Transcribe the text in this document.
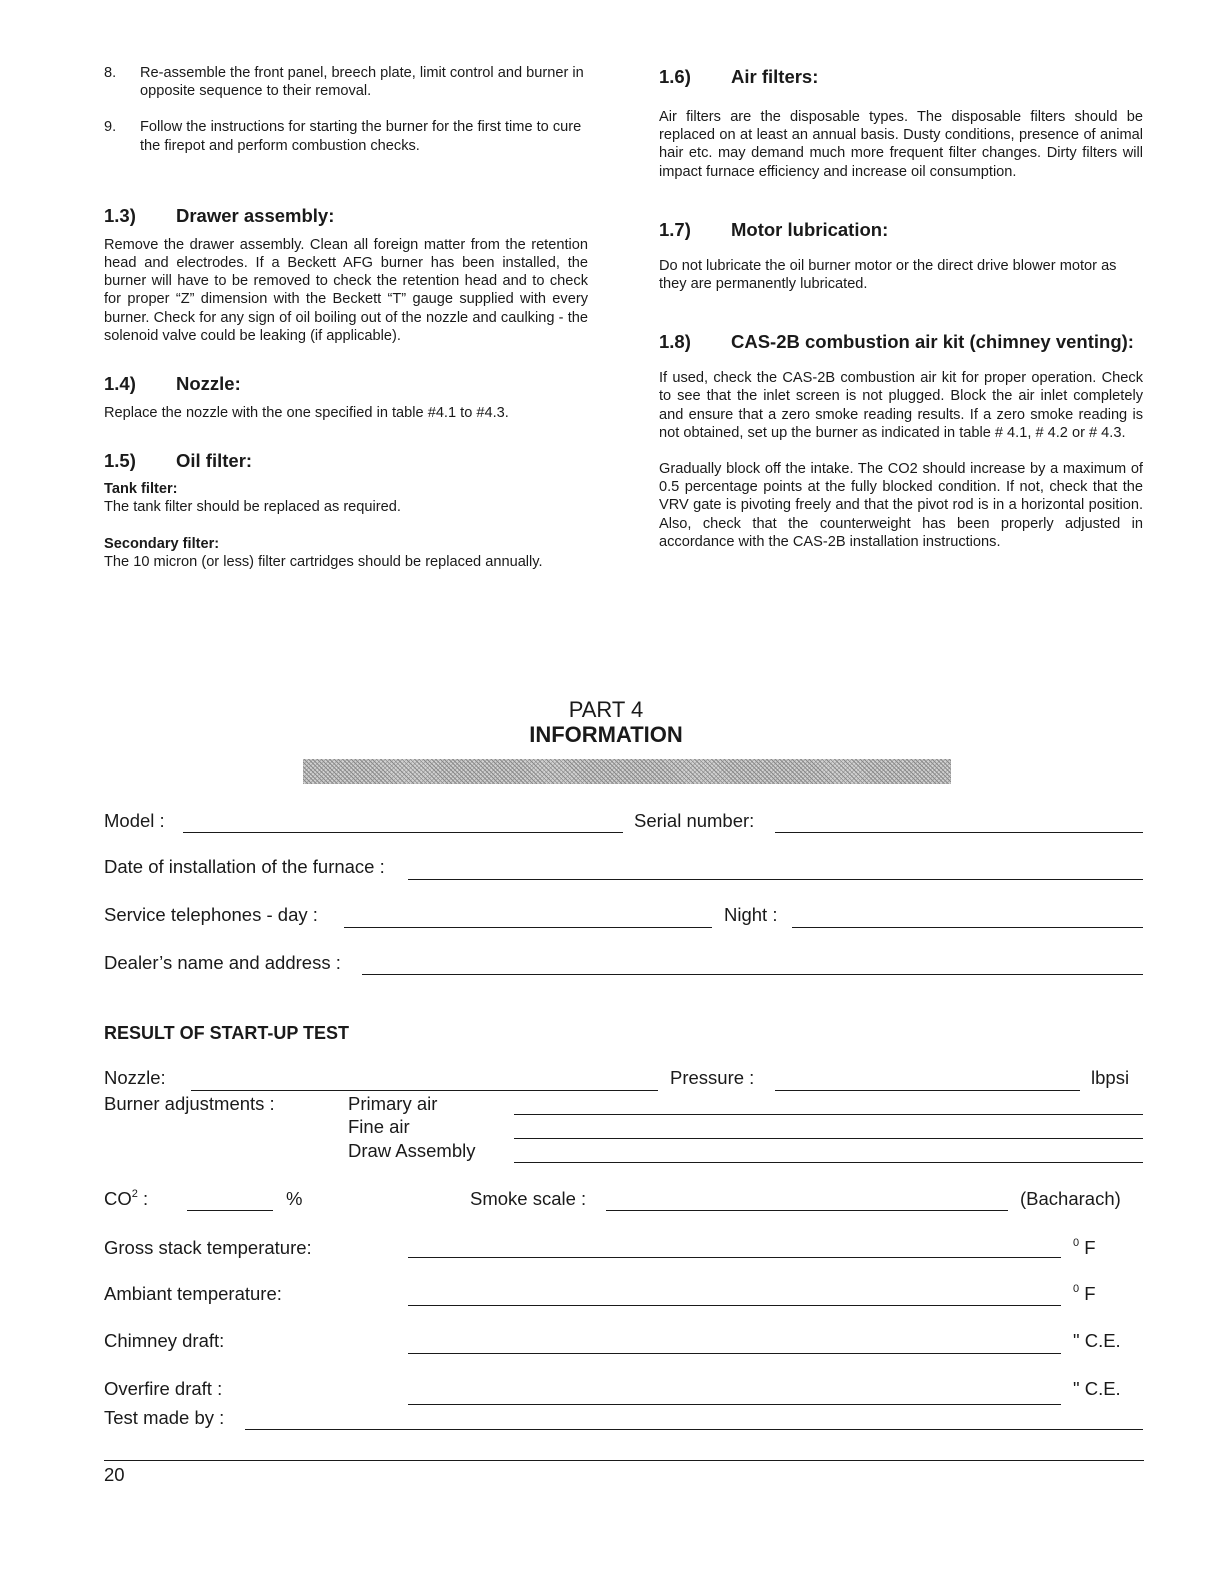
8. Re-assemble the front panel, breech plate, limit control and burner in opposite sequence to their removal.

9. Follow the instructions for starting the burner for the first time to cure the firepot and perform combustion checks.

1.3) Drawer assembly:

Remove the drawer assembly. Clean all foreign matter from the retention head and electrodes. If a Beckett AFG burner has been installed, the burner will have to be removed to check the retention head and to check for proper “Z” dimension with the Beckett “T” gauge supplied with every burner. Check for any sign of oil boiling out of the nozzle and caulking - the solenoid valve could be leaking (if applicable).

1.4) Nozzle:

Replace the nozzle with the one specified in table #4.1 to #4.3.

1.5) Oil filter:

Tank filter:

The tank filter should be replaced as required.

Secondary filter:

The 10 micron (or less) filter cartridges should be replaced annually.

1.6) Air filters:

Air filters are the disposable types. The disposable filters should be replaced on at least an annual basis. Dusty conditions, presence of animal hair etc. may demand much more frequent filter changes. Dirty filters will impact furnace efficiency and increase oil consumption.

1.7) Motor lubrication:

Do not lubricate the oil burner motor or the direct drive blower motor as they are permanently lubricated.

1.8) CAS-2B combustion air kit (chimney venting):

If used, check the CAS-2B combustion air kit for proper operation. Check to see that the inlet screen is not plugged. Block the air inlet completely and ensure that a zero smoke reading results. If a zero smoke reading is not obtained, set up the burner as indicated in table # 4.1, # 4.2 or # 4.3.

Gradually block off the intake. The CO2 should increase by a maximum of 0.5 percentage points at the fully blocked condition. If not, check that the VRV gate is pivoting freely and that the pivot rod is in a horizontal position. Also, check that the counterweight has been properly adjusted in accordance with the CAS-2B installation instructions.

PART 4
INFORMATION
Model :	Serial number:
Date of installation of the furnace :
Service telephones - day :	Night :
Dealer’s name and address :
RESULT OF START-UP TEST
Nozzle:	Pressure :	lbpsi
Burner adjustments :	Primary air
Fine air
Draw Assembly
$CO^2$ :	%	Smoke scale :	(Bacharach)
Gross stack temperature:	$^0$ F
Ambiant temperature:	$^0$ F
Chimney draft:	" C.E.
Overfire draft :	" C.E.
Test made by :
20
